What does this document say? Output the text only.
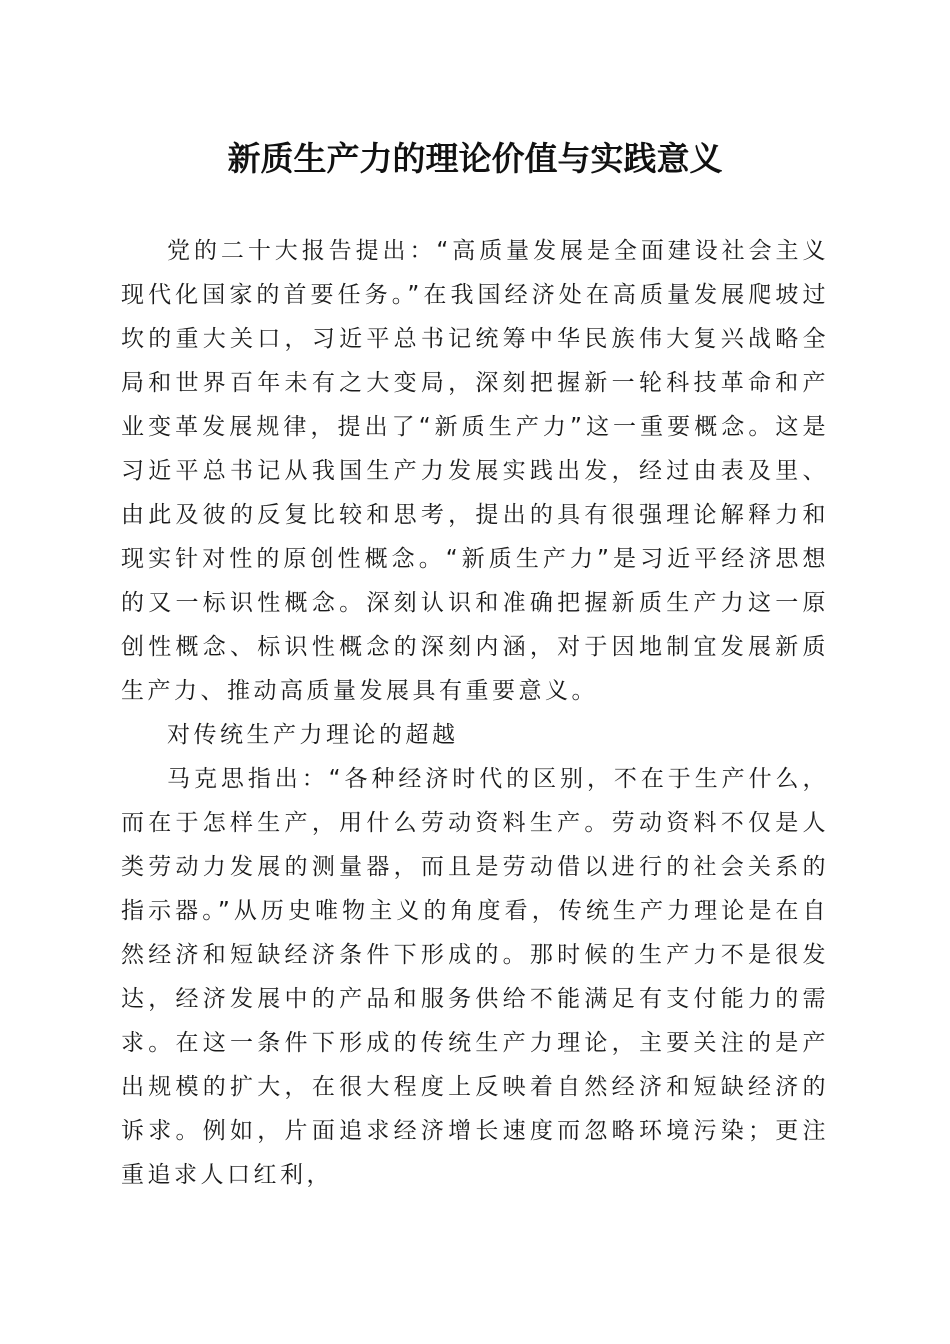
新质生产力的理论价值与实践意义

党的二十大报告提出：“高质量发展是全面建设社会主义现代化国家的首要任务。”在我国经济处在高质量发展爬坡过坎的重大关口，习近平总书记统筹中华民族伟大复兴战略全局和世界百年未有之大变局，深刻把握新一轮科技革命和产业变革发展规律，提出了“新质生产力”这一重要概念。这是习近平总书记从我国生产力发展实践出发，经过由表及里、由此及彼的反复比较和思考，提出的具有很强理论解释力和现实针对性的原创性概念。“新质生产力”是习近平经济思想的又一标识性概念。深刻认识和准确把握新质生产力这一原创性概念、标识性概念的深刻内涵，对于因地制宜发展新质生产力、推动高质量发展具有重要意义。

对传统生产力理论的超越

马克思指出：“各种经济时代的区别，不在于生产什么，而在于怎样生产，用什么劳动资料生产。劳动资料不仅是人类劳动力发展的测量器，而且是劳动借以进行的社会关系的指示器。”从历史唯物主义的角度看，传统生产力理论是在自然经济和短缺经济条件下形成的。那时候的生产力不是很发达，经济发展中的产品和服务供给不能满足有支付能力的需求。在这一条件下形成的传统生产力理论，主要关注的是产出规模的扩大，在很大程度上反映着自然经济和短缺经济的诉求。例如，片面追求经济增长速度而忽略环境污染；更注重追求人口红利，
